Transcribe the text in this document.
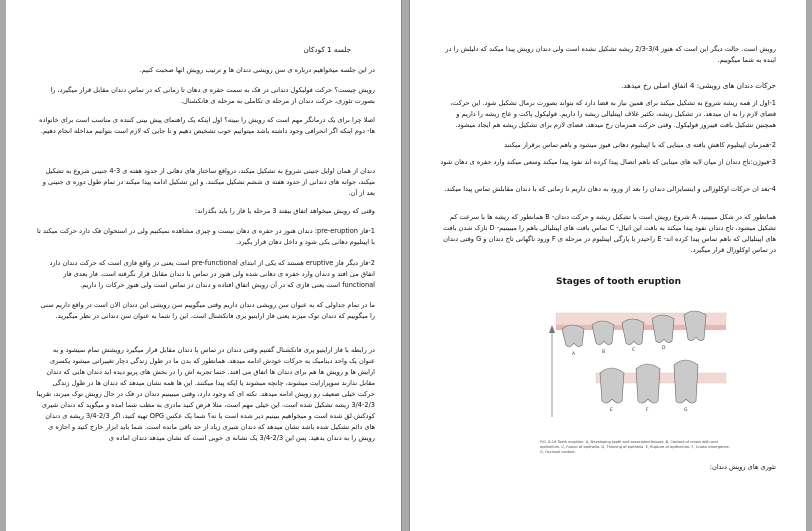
جلسه 1 کودکان
در این جلسه میخواهیم درباره ی سن رویشی دندان ها و ترتیب رویش انها صحبت کنیم.
رویش چیست؟ حرکت فولیکول دندانی در فک به سمت حفره ی دهان تا زمانی که در تماس دندان مقابل قرار میگیرد، را بصورت تئوری، حرکت دندان از مرحله ی تکاملی به مرحله ی فانکشنال.
اصلا چرا برای یک درمانگر مهم است که رویش را ببینه؟ اول اینکه یک راهنمای پیش بینی کننده ی مناسب است برای خانواده ها- دوم اینکه اگر انحرافی وجود داشته باشد میتوانیم خوب تشخیص دهیم و تا جایی که لازم است بتوانیم مداخله انجام دهیم.
دندان از همان اوایل جنینی شروع به تشکیل میکند، درواقع ساختار های دهانی از حدود هفته ی 3-4 جنینی شروع به تشکیل میکند، جوانه های دندانی از حدود هفته ی ششم تشکیل میکنند. و این تشکیل ادامه پیدا میکند در تمام طول دوره ی جنینی و بعد از آن.
وقتی که رویش میخواهد اتفاق بیفتد 3 مرحله یا فاز را باید بگذراند:
1-فاز pre-eruption: دندان هنوز در حفره ی دهان نیست و چیزی مشاهده نمیکنیم ولی در استخوان فک دارد حرکت میکند تا با اپیتلیوم دهانی یکی شود و داخل دهان قرار بگیرد.
2-فاز دیگر فاز eruptive هستند که یکی از ابتدای pre-functional است یعنی در واقع فازی است که حرکت دندان دارد اتفاق می افتد و دندان وارد حفره ی دهانی شده ولی هنوز در تماس با دندان مقابل قرار نگرفته است. فاز بعدی فاز functional است یعنی فازی که در آن رویش اتفاق افتاده و دندان در تماس است ولی هنوز حرکات را داریم.
ما در تمام جداولی که به عنوان سن رویشی دندان داریم وقتی میگوییم سن رویشی این دندان الان است در واقع داریم سنی را میگوییم که دندان توک میزند یعنی فاز ارایتیو یری فانکشنال است. این را شما به عنوان سن دندانی در نظر میگیرید.
در رابطه با فاز ارایتیو پری فانکشنال گفتیم وقتی دندان در تماس با دندان مقابل قرار میگیرد رویشش تمام نمیشود و به عنوان یک واحد دینامیک به حرکات خودش ادامه میدهد. همانطور که بدن ما در طول زندگی دچار تغییراتی میشود یکسری ارایش ها و رویش ها هم برای دندان ها اتفاق می افتد. حتما تجربه اش را در بخش های پریو دیده اید دندان هایی که دندان مقابل ندارند سوپرارایت میشوند، چانچه میشوند یا ایکه پیدا میکنند. این ها همه نشان میدهد که دندان ها در طول زندگی حرکت خیلی ضعیف رو رویش ادامه میدهد. نکته ای که وجود دارد، وقتی میبینیم دندان در فک در حال رویش توک میزند، تقریبا 2/3-3/4 ریشه تشکیل شده است. این خیلی مهم است، مثلا فرض کنید مادری به مطب شما امده و میگوید که دندان شیری کودکش لق شده است و میخواهیم ببینیم دیر شده است یا نه؟ شما یک عکس OPG تهیه کنید، اگر 2/3-3/4 ریشه ی دندان های دائم تشکیل شده باشد نشان میدهد که دندان شیری زیاد از حد باقی مانده است. شما باید ابزار خارج کنید و اجازه ی رویش را به دندان بدهید. پس این 2/3-3/4 یک نشانه ی خوبی است که نشان میدهد دندان اماده ی
رویش است. حالت دیگر این است که هنوز 3/4-2/3 ریشه تشکیل نشده است ولی دندان رویش پیدا میکند که دلیلش را در اینده به شما میگوییم.
حرکات دندان های رویشی: 4 اتفاق اصلی رخ میدهد.
1-اول از همه ریشه شروع به تشکیل میکند برای همین نیاز به فضا دارد که بتواند بصورت نرمال تشکیل شود. این حرکت، فضای لازم را به ان میدهد. در تشکیل ریشه، تکثیر غلاف اپیتلیالی ریشه را داریم. فولیکول پاکت و عاج ریشه را داریم و همچنین تشکیل بافت فیبروز فولیکول. وقتی حرکت همزمان رخ میدهد، فضای لازم برای تشکیل ریشه هم ایجاد میشود.
2-همزمان اپیتلیوم کاهش یافته ی مینایی که با اپیتلیوم دهانی فیوز میشود و باهم تماس برقرار میکنند
3-فیوژن:تاج دندان از میان لایه های مینایی که باهم اتصال پیدا کرده اند نفوذ پیدا میکند وسعی میکند وارد حفره ی دهان شود
4-بعد ان حرکات اوکلوزالی و اینسایزالی دندان را بعد از ورود به دهان داریم تا زمانی که با دندان مقابلش تماس پیدا میکند.
همانطور که در شکل میبینید، A شروع رویش است با تشکیل ریشه و حرکت دندان- B همانطور که ریشه ها با سرعت کم تشکیل میشود، تاج دندان نفوذ پیدا میکند به بافت این اتیال- C تماس بافت های اپیتلیالی باهم را میبینیم- D نازک شدن بافت های اپیتلیالی که باهم تماس پیدا کرده اند- E راحیدر با پارگی اپیتلیوم در مرحله ی F ورود ناگهانی تاج دندان و G وقتی دندان در تماس اوکلوزال قرار میگیرد.
Stages of tooth eruption
A	B	C	D
E	F	G
FIG. 6-16 Tooth eruption. A, Developing tooth and associated tissues. B, Contact of crown with oral epithelium. C, Fusion of epithelia. D, Thinning of epithelia. E, Rupture of epithelium. F, Crown emergence. G, Occlusal contact.
تئوری های رویش دندان:
